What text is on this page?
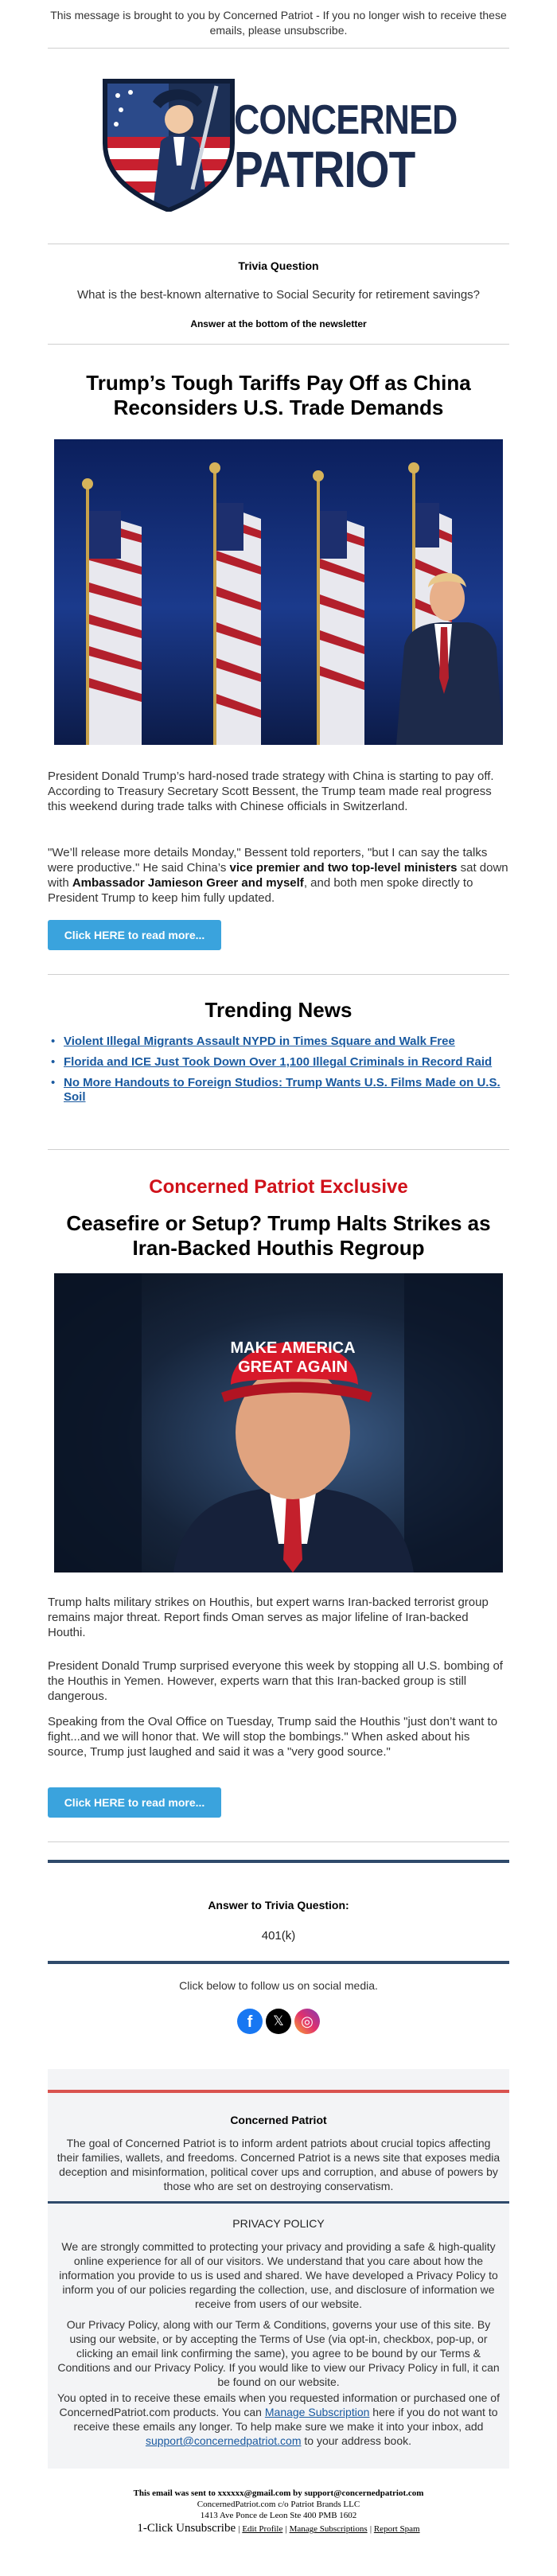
This message is brought to you by Concerned Patriot - If you no longer wish to receive these emails, please unsubscribe.
CONCERNED
PATRIOT
Trivia Question
What is the best-known alternative to Social Security for retirement savings?
Answer at the bottom of the newsletter
Trump’s Tough Tariffs Pay Off as China Reconsiders U.S. Trade Demands
President Donald Trump’s hard-nosed trade strategy with China is starting to pay off. According to Treasury Secretary Scott Bessent, the Trump team made real progress this weekend during trade talks with Chinese officials in Switzerland.
"We’ll release more details Monday," Bessent told reporters, "but I can say the talks were productive." He said China’s vice premier and two top-level ministers sat down with Ambassador Jamieson Greer and myself, and both men spoke directly to President Trump to keep him fully updated.
Click HERE to read more...
Trending News
• Violent Illegal Migrants Assault NYPD in Times Square and Walk Free
• Florida and ICE Just Took Down Over 1,100 Illegal Criminals in Record Raid
• No More Handouts to Foreign Studios: Trump Wants U.S. Films Made on U.S. Soil
Concerned Patriot Exclusive
Ceasefire or Setup? Trump Halts Strikes as Iran-Backed Houthis Regroup
MAKE AMERICA
GREAT AGAIN
Trump halts military strikes on Houthis, but expert warns Iran-backed terrorist group remains major threat. Report finds Oman serves as major lifeline of Iran-backed Houthi.
President Donald Trump surprised everyone this week by stopping all U.S. bombing of the Houthis in Yemen. However, experts warn that this Iran-backed group is still dangerous.
Speaking from the Oval Office on Tuesday, Trump said the Houthis "just don’t want to fight...and we will honor that. We will stop the bombings." When asked about his source, Trump just laughed and said it was a "very good source."
Click HERE to read more...
Answer to Trivia Question:
401(k)
Click below to follow us on social media.
f	𝕏	◎
Concerned Patriot
The goal of Concerned Patriot is to inform ardent patriots about crucial topics affecting their families, wallets, and freedoms. Concerned Patriot is a news site that exposes media deception and misinformation, political cover ups and corruption, and abuse of powers by those who are set on destroying conservatism.
PRIVACY POLICY
We are strongly committed to protecting your privacy and providing a safe & high-quality online experience for all of our visitors. We understand that you care about how the information you provide to us is used and shared. We have developed a Privacy Policy to inform you of our policies regarding the collection, use, and disclosure of information we receive from users of our website.
Our Privacy Policy, along with our Term & Conditions, governs your use of this site. By using our website, or by accepting the Terms of Use (via opt-in, checkbox, pop-up, or clicking an email link confirming the same), you agree to be bound by our Terms & Conditions and our Privacy Policy. If you would like to view our Privacy Policy in full, it can be found on our website.
You opted in to receive these emails when you requested information or purchased one of ConcernedPatriot.com products. You can Manage Subscription here if you do not want to receive these emails any longer. To help make sure we make it into your inbox, add support@concernedpatriot.com to your address book.
This email was sent to xxxxxx@gmail.com by support@concernedpatriot.com
ConcernedPatriot.com c/o Patriot Brands LLC
1413 Ave Ponce de Leon Ste 400 PMB 1602
1-Click Unsubscribe | Edit Profile | Manage Subscriptions | Report Spam
